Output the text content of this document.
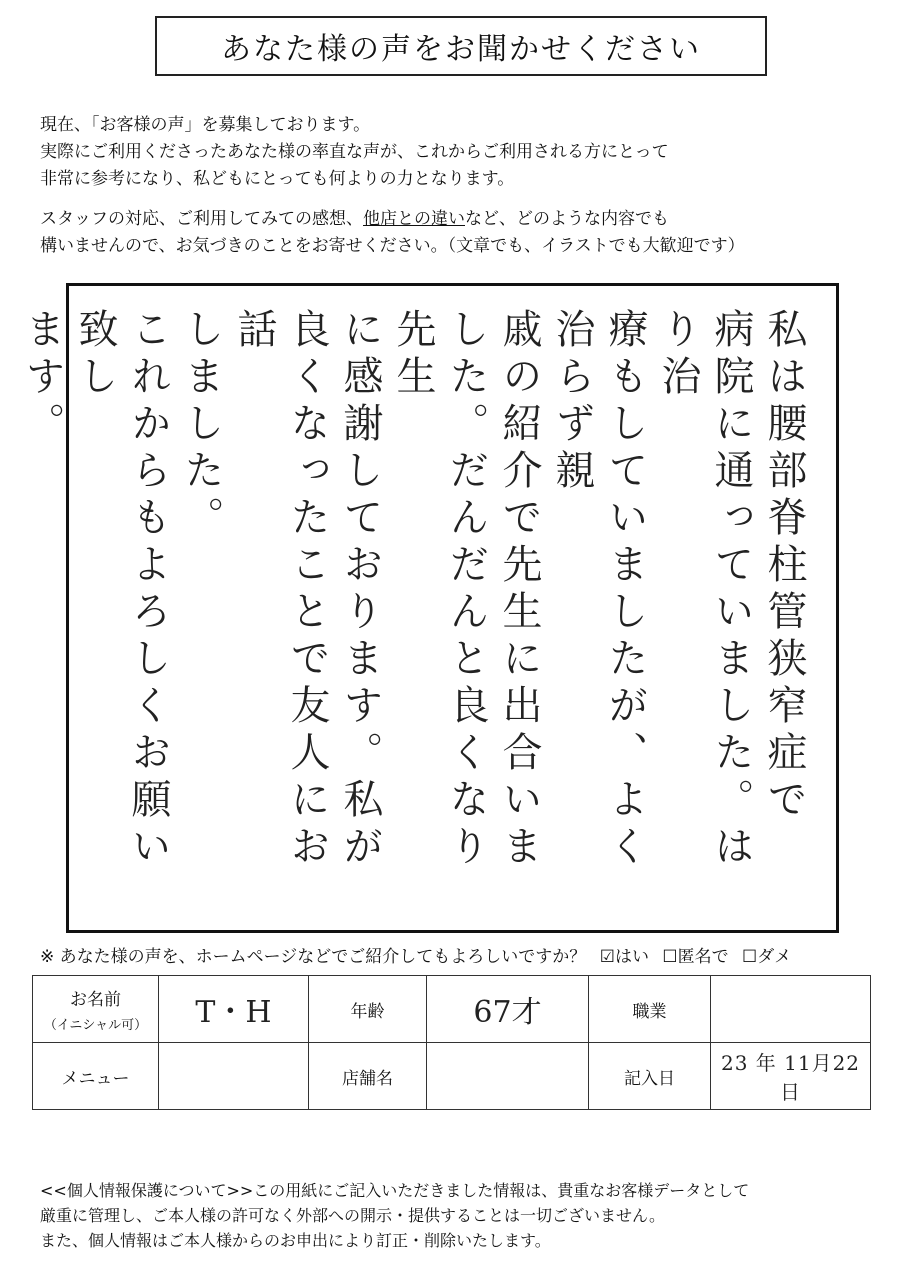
あなた様の声をお聞かせください

現在、「お客様の声」を募集しております。

実際にご利用くださったあなた様の率直な声が、これからご利用される方にとって

非常に参考になり、私どもにとっても何よりの力となります。

スタッフの対応、ご利用してみての感想、他店との違いなど、どのような内容でも

構いませんので、お気づきのことをお寄せください。（文章でも、イラストでも大歓迎です）

私は腰部脊柱管狭窄症で

病院に通っていました。はり治

療もしていましたが、よく治らず親

戚の紹介で先生に出合いま

した。だんだんと良くなり先生

に感謝しております。私が

良くなったことで友人にお話

しました。

これからもよろしくお願い致し

ます。

※ あなた様の声を、ホームページなどでご紹介してもよろしいですか？ ☑はい ☐匿名で ☐ダメ
お名前
（イニシャル可）	T・H	年齢	67才	職業	
メニュー		店舗名		記入日	23 年 11月22日

<<個人情報保護について>>この用紙にご記入いただきました情報は、貴重なお客様データとして

厳重に管理し、ご本人様の許可なく外部への開示・提供することは一切ございません。

また、個人情報はご本人様からのお申出により訂正・削除いたします。
